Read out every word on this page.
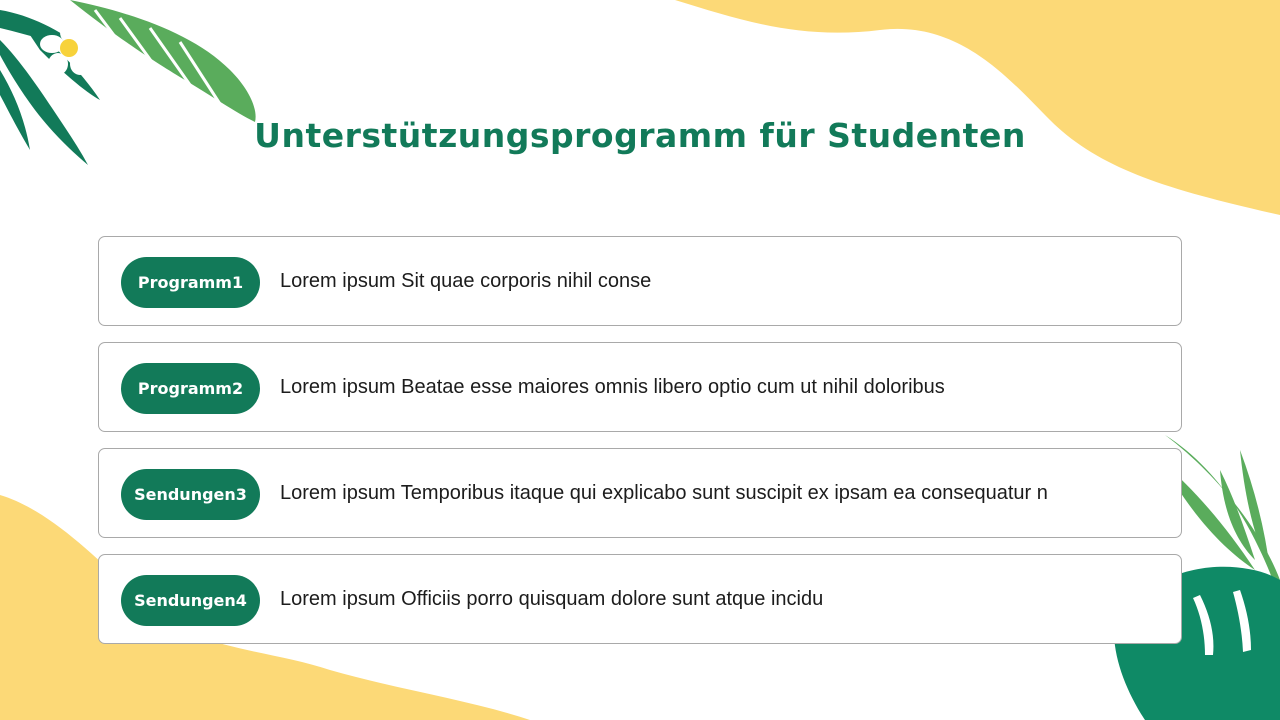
Unterstützungsprogramm für Studenten
Programm1	Lorem ipsum Sit quae corporis nihil conse
Programm2	Lorem ipsum Beatae esse maiores omnis libero optio cum ut nihil doloribus
Sendungen3	Lorem ipsum Temporibus itaque qui explicabo sunt suscipit ex ipsam ea consequatur n
Sendungen4	Lorem ipsum Officiis porro quisquam dolore sunt atque incidu
